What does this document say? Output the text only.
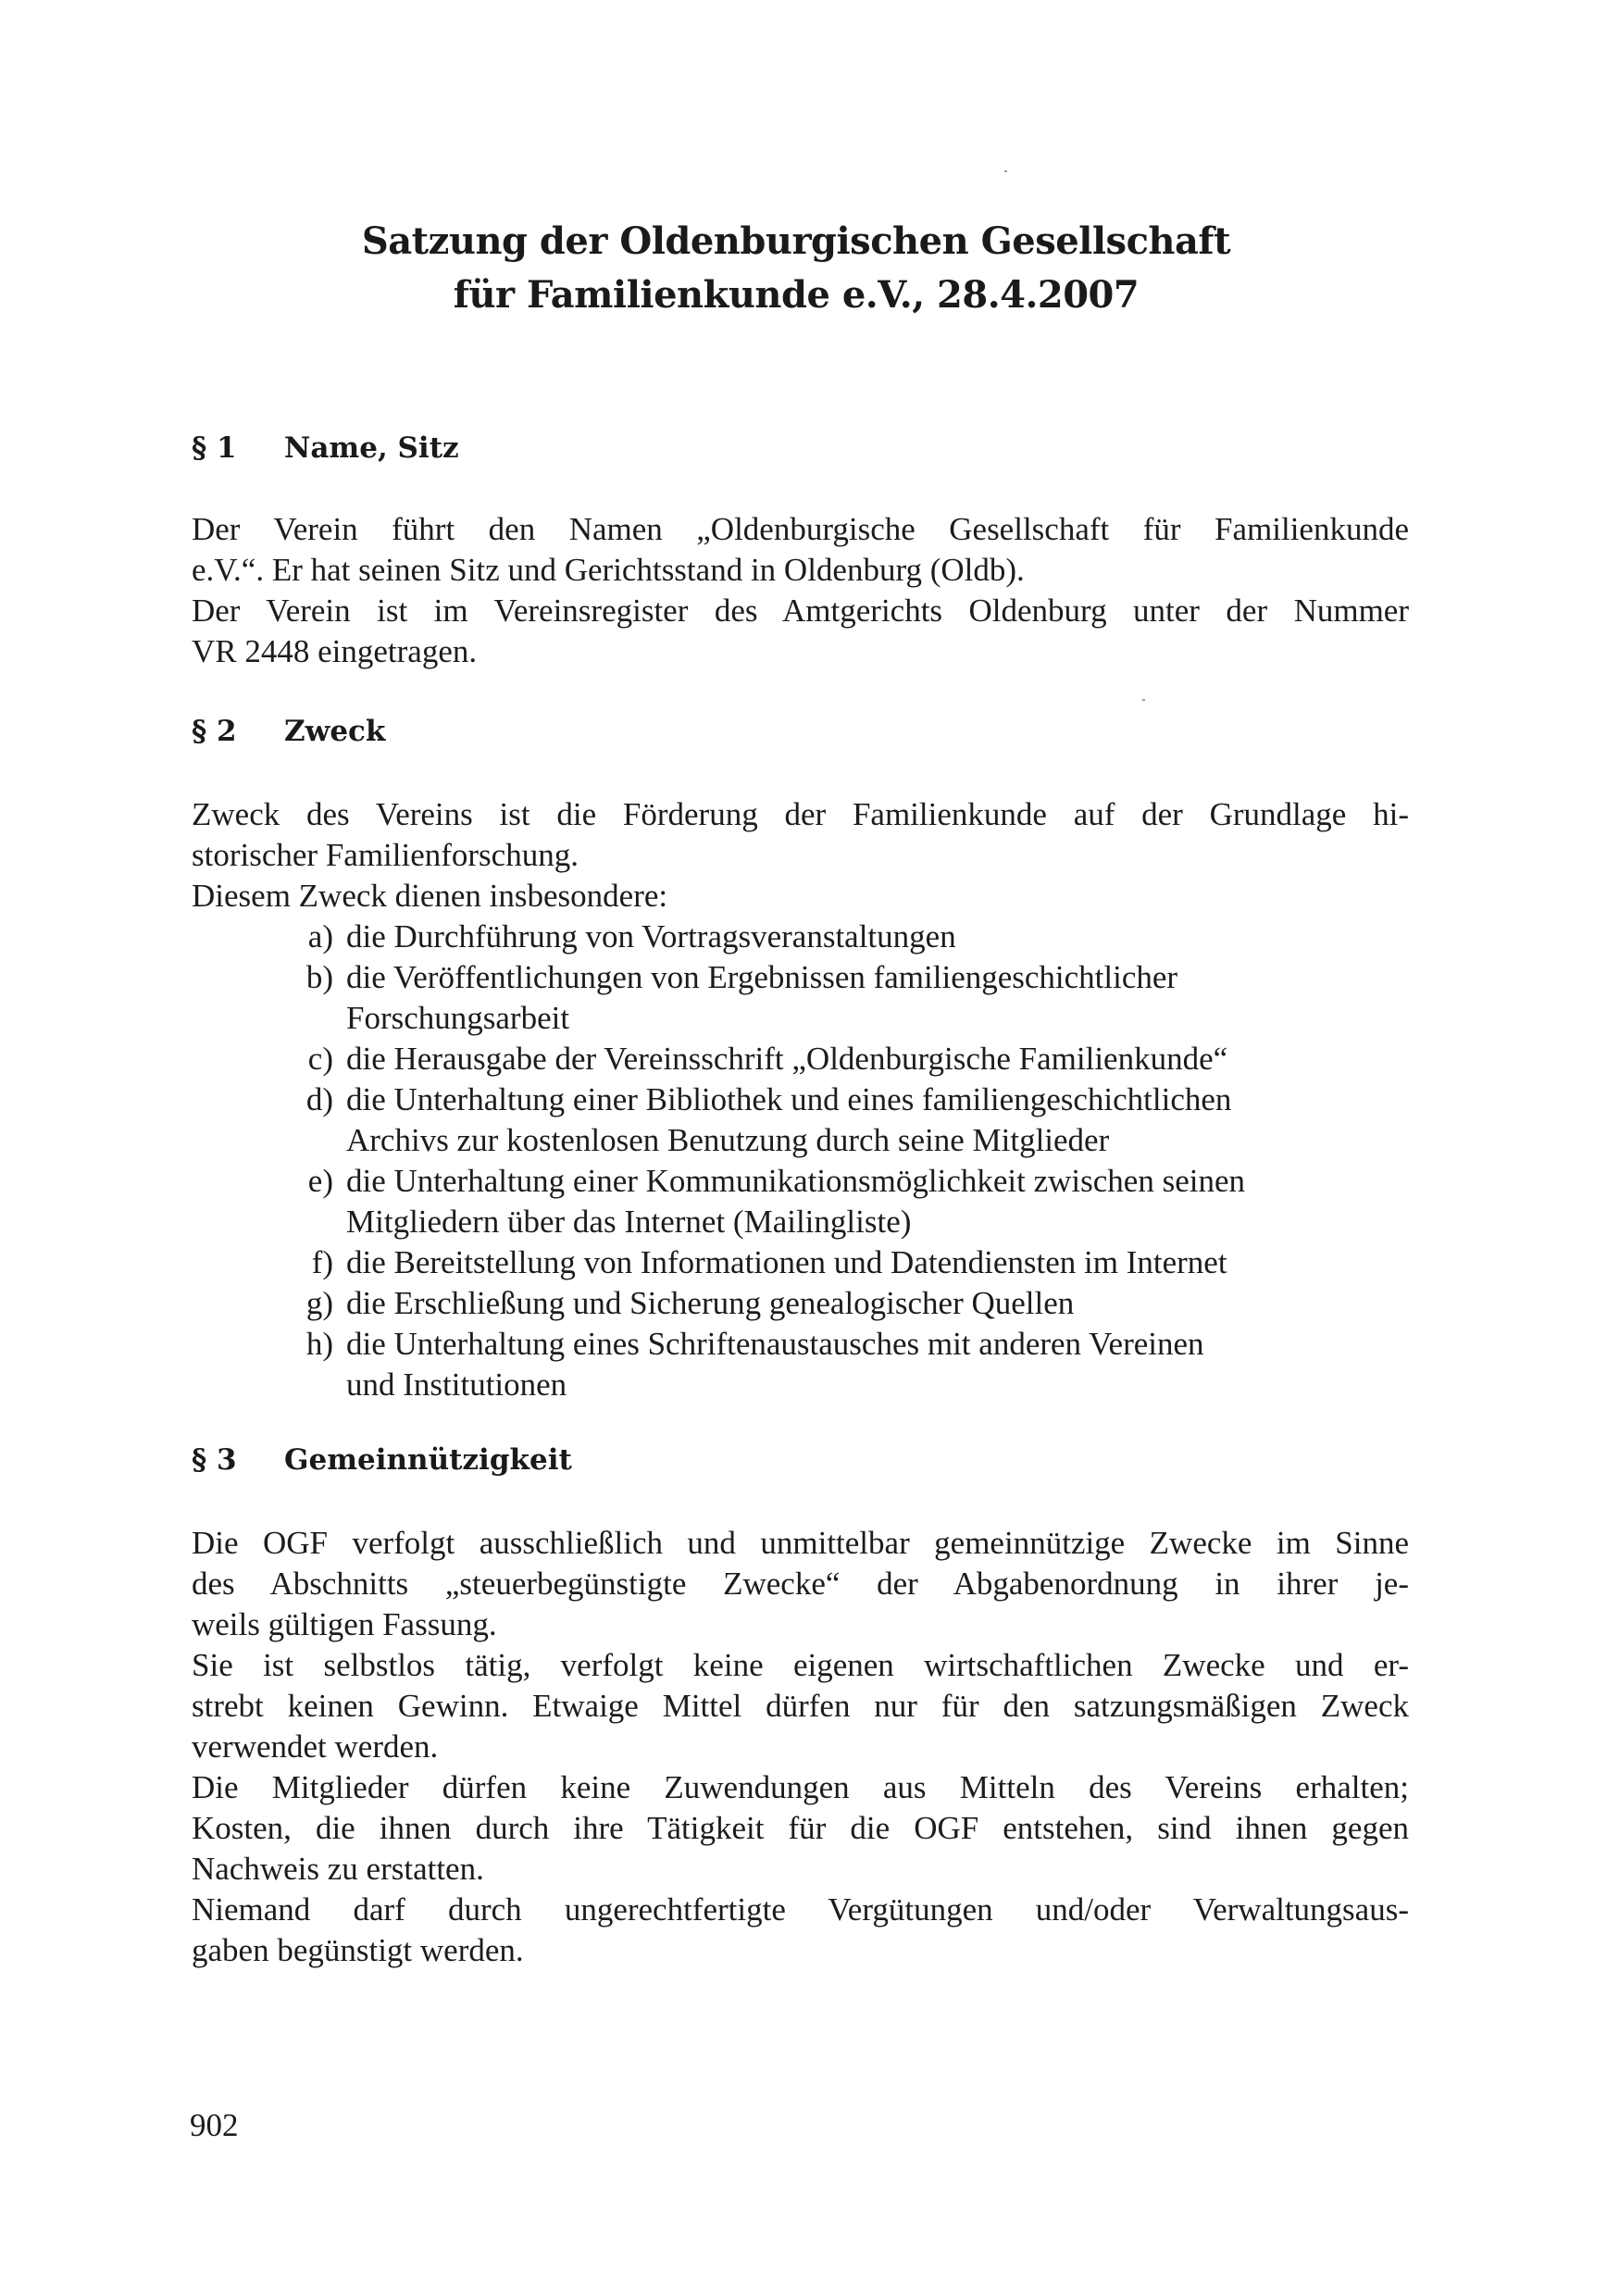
Satzung der Oldenburgischen Gesellschaft
für Familienkunde e.V., 28.4.2007
§ 1 Name, Sitz
Der Verein führt den Namen „Oldenburgische Gesellschaft für Familienkunde
e.V.“. Er hat seinen Sitz und Gerichtsstand in Oldenburg (Oldb).
Der Verein ist im Vereinsregister des Amtgerichts Oldenburg unter der Nummer
VR 2448 eingetragen.
§ 2 Zweck
Zweck des Vereins ist die Förderung der Familienkunde auf der Grundlage hi-
storischer Familienforschung.
Diesem Zweck dienen insbesondere:
a) die Durchführung von Vortragsveranstaltungen
b) die Veröffentlichungen von Ergebnissen familiengeschichtlicher
Forschungsarbeit
c) die Herausgabe der Vereinsschrift „Oldenburgische Familienkunde“
d) die Unterhaltung einer Bibliothek und eines familiengeschichtlichen
Archivs zur kostenlosen Benutzung durch seine Mitglieder
e) die Unterhaltung einer Kommunikationsmöglichkeit zwischen seinen
Mitgliedern über das Internet (Mailingliste)
f) die Bereitstellung von Informationen und Datendiensten im Internet
g) die Erschließung und Sicherung genealogischer Quellen
h) die Unterhaltung eines Schriftenaustausches mit anderen Vereinen
und Institutionen
§ 3 Gemeinnützigkeit
Die OGF verfolgt ausschließlich und unmittelbar gemeinnützige Zwecke im Sinne
des Abschnitts „steuerbegünstigte Zwecke“ der Abgabenordnung in ihrer je-
weils gültigen Fassung.
Sie ist selbstlos tätig, verfolgt keine eigenen wirtschaftlichen Zwecke und er-
strebt keinen Gewinn. Etwaige Mittel dürfen nur für den satzungsmäßigen Zweck
verwendet werden.
Die Mitglieder dürfen keine Zuwendungen aus Mitteln des Vereins erhalten;
Kosten, die ihnen durch ihre Tätigkeit für die OGF entstehen, sind ihnen gegen
Nachweis zu erstatten.
Niemand darf durch ungerechtfertigte Vergütungen und/oder Verwaltungsaus-
gaben begünstigt werden.
902
